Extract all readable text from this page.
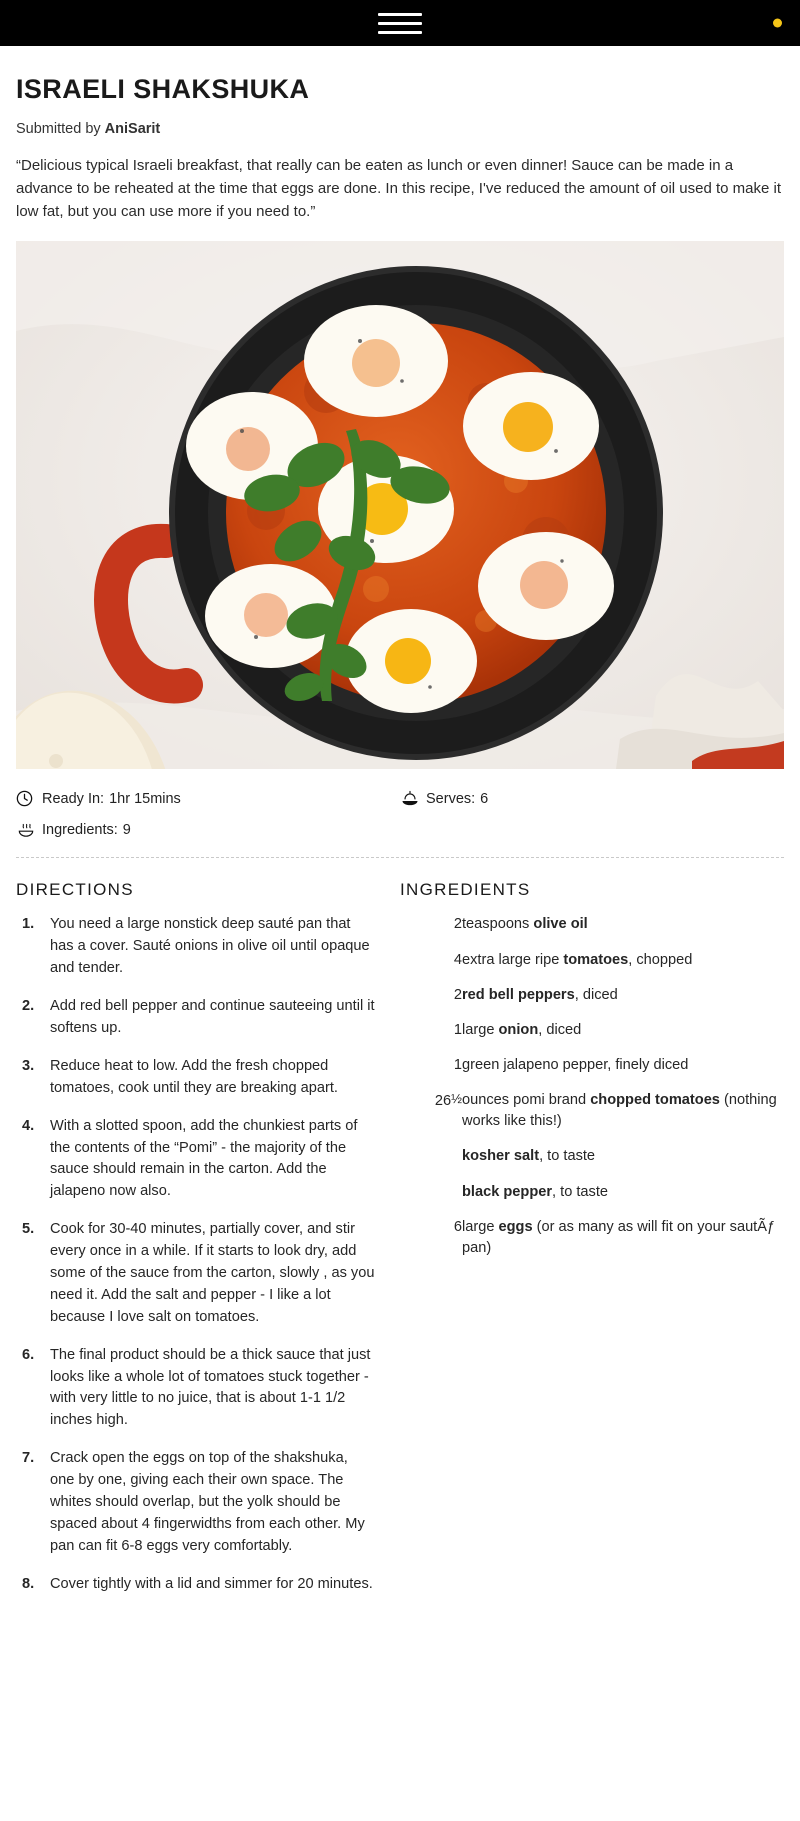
ISRAELI SHAKSHUKA

Submitted by AniSarit

“Delicious typical Israeli breakfast, that really can be eaten as lunch or even dinner! Sauce can be made in a advance to be reheated at the time that eggs are done. In this recipe, I've reduced the amount of oil used to make it low fat, but you can use more if you need to.”

Ready In: 1hr 15mins	Serves: 6
Ingredients: 9
DIRECTIONS
You need a large nonstick deep sauté pan that has a cover. Sauté onions in olive oil until opaque and tender.
Add red bell pepper and continue sauteeing until it softens up.
Reduce heat to low. Add the fresh chopped tomatoes, cook until they are breaking apart.
With a slotted spoon, add the chunkiest parts of the contents of the “Pomi” - the majority of the sauce should remain in the carton. Add the jalapeno now also.
Cook for 30-40 minutes, partially cover, and stir every once in a while. If it starts to look dry, add some of the sauce from the carton, slowly , as you need it. Add the salt and pepper - I like a lot because I love salt on tomatoes.
The final product should be a thick sauce that just looks like a whole lot of tomatoes stuck together - with very little to no juice, that is about 1-1 1/2 inches high.
Crack open the eggs on top of the shakshuka, one by one, giving each their own space. The whites should overlap, but the yolk should be spaced about 4 fingerwidths from each other. My pan can fit 6-8 eggs very comfortably.
Cover tightly with a lid and simmer for 20 minutes.
INGREDIENTS
2	teaspoons olive oil
4	extra large ripe tomatoes, chopped
2	red bell peppers, diced
1	large onion, diced
1	green jalapeno pepper, finely diced
26½	ounces pomi brand chopped tomatoes (nothing works like this!)
	kosher salt, to taste
	black pepper, to taste
6	large eggs (or as many as will fit on your sautÃƒ pan)
